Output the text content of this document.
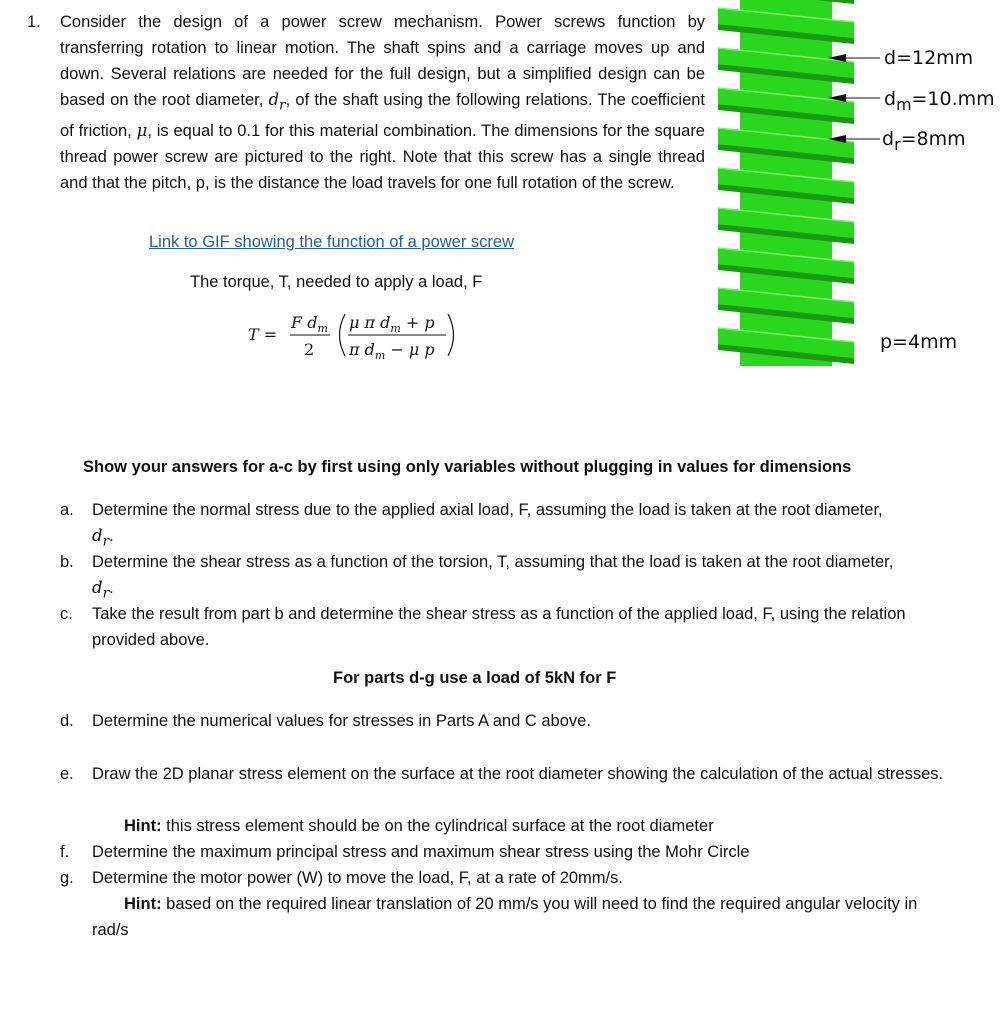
1. Consider the design of a power screw mechanism. Power screws function by transferring rotation to linear motion. The shaft spins and a carriage moves up and down. Several relations are needed for the full design, but a simplified design can be based on the root diameter, $d_r$, of the shaft using the following relations. The coefficient of friction, μ, is equal to 0.1 for this material combination. The dimensions for the square thread power screw are pictured to the right. Note that this screw has a single thread and that the pitch, p, is the distance the load travels for one full rotation of the screw.
Link to GIF showing the function of a power screw
The torque, T, needed to apply a load, F
T =
F $d_m$
2
μ π $d_m + p$
π $d_m - \mu$ p
d=12mm
$d_m=10.mm$
$d_r=8mm$
p=4mm
Show your answers for a-c by first using only variables without plugging in values for dimensions
a. Determine the normal stress due to the applied axial load, F, assuming the load is taken at the root diameter, $d_r$.
b. Determine the shear stress as a function of the torsion, T, assuming that the load is taken at the root diameter, $d_r$.
c. Take the result from part b and determine the shear stress as a function of the applied load, F, using the relation provided above.
For parts d-g use a load of 5kN for F
d. Determine the numerical values for stresses in Parts A and C above.
e. Draw the 2D planar stress element on the surface at the root diameter showing the calculation of the actual stresses.
Hint: this stress element should be on the cylindrical surface at the root diameter
f. Determine the maximum principal stress and maximum shear stress using the Mohr Circle
g. Determine the motor power (W) to move the load, F, at a rate of 20mm/s.
Hint: based on the required linear translation of 20 mm/s you will need to find the required angular velocity in rad/s
